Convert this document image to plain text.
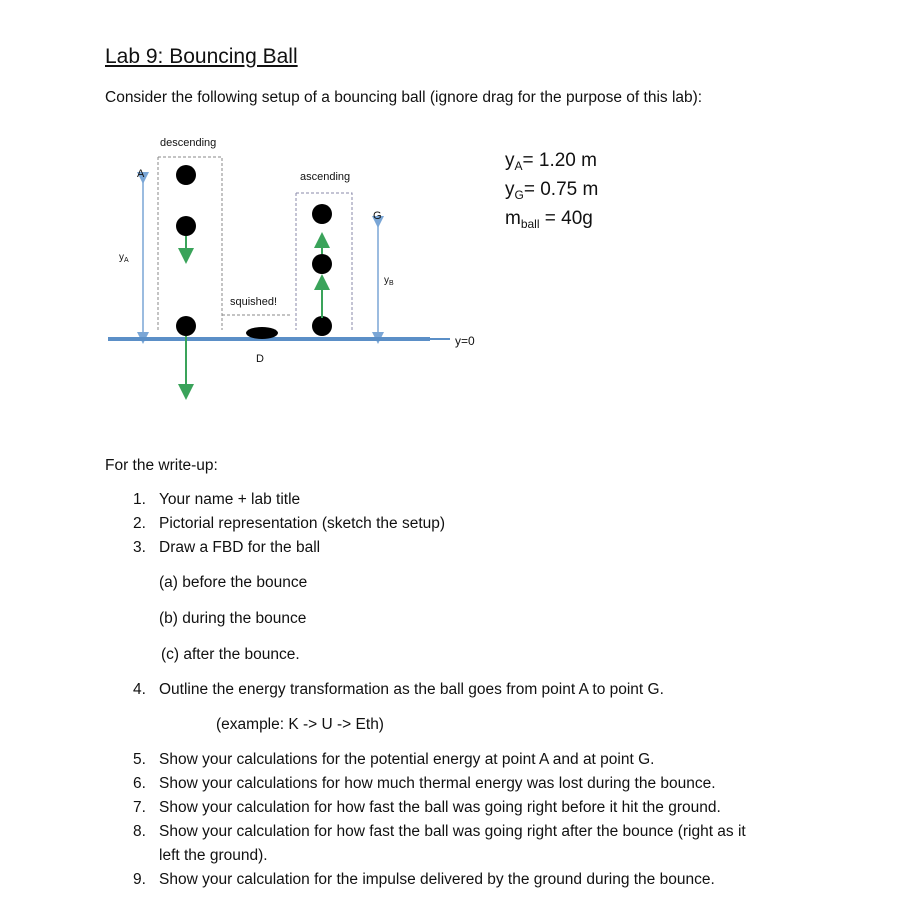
Lab 9: Bouncing Ball
Consider the following setup of a bouncing ball (ignore drag for the purpose of this lab):
descending
ascending
squished!
A
G
D
$y_A$
$y_B$
y=0
$y_A= 1.20$ m
$y_G= 0.75$ m
$m_{ball} = 40g$
For the write-up:
1. Your name + lab title
2. Pictorial representation (sketch the setup)
3. Draw a FBD for the ball
(a) before the bounce
(b) during the bounce
(c) after the bounce.
4. Outline the energy transformation as the ball goes from point A to point G.
(example: K -> U -> Eth)
5. Show your calculations for the potential energy at point A and at point G.
6. Show your calculations for how much thermal energy was lost during the bounce.
7. Show your calculation for how fast the ball was going right before it hit the ground.
8. Show your calculation for how fast the ball was going right after the bounce (right as it
left the ground).
9. Show your calculation for the impulse delivered by the ground during the bounce.
